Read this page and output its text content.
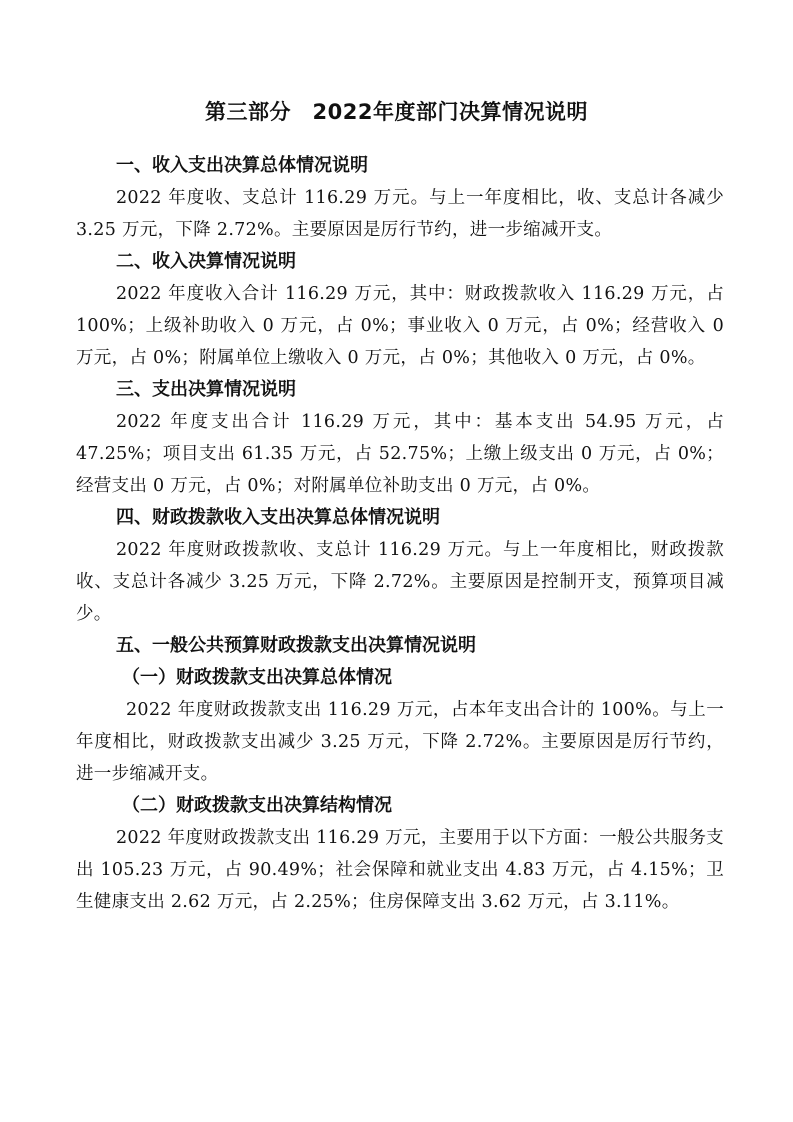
第三部分　2022年度部门决算情况说明
一、收入支出决算总体情况说明
2022 年度收、支总计 116.29 万元。与上一年度相比，收、支总计各减少 3.25 万元，下降 2.72%。主要原因是厉行节约，进一步缩减开支。
二、收入决算情况说明
2022 年度收入合计 116.29 万元，其中：财政拨款收入 116.29 万元，占 100%；上级补助收入 0 万元，占 0%；事业收入 0 万元，占 0%；经营收入 0 万元，占 0%；附属单位上缴收入 0 万元，占 0%；其他收入 0 万元，占 0%。
三、支出决算情况说明
2022 年度支出合计 116.29 万元，其中：基本支出 54.95 万元，占 47.25%；项目支出 61.35 万元，占 52.75%；上缴上级支出 0 万元，占 0%；经营支出 0 万元，占 0%；对附属单位补助支出 0 万元，占 0%。
四、财政拨款收入支出决算总体情况说明
2022 年度财政拨款收、支总计 116.29 万元。与上一年度相比，财政拨款收、支总计各减少 3.25 万元，下降 2.72%。主要原因是控制开支，预算项目减少。
五、一般公共预算财政拨款支出决算情况说明
（一）财政拨款支出决算总体情况
2022 年度财政拨款支出 116.29 万元，占本年支出合计的 100%。与上一年度相比，财政拨款支出减少 3.25 万元，下降 2.72%。主要原因是厉行节约，进一步缩减开支。
（二）财政拨款支出决算结构情况
2022 年度财政拨款支出 116.29 万元，主要用于以下方面：一般公共服务支出 105.23 万元，占 90.49%；社会保障和就业支出 4.83 万元，占 4.15%；卫生健康支出 2.62 万元，占 2.25%；住房保障支出 3.62 万元，占 3.11%。
